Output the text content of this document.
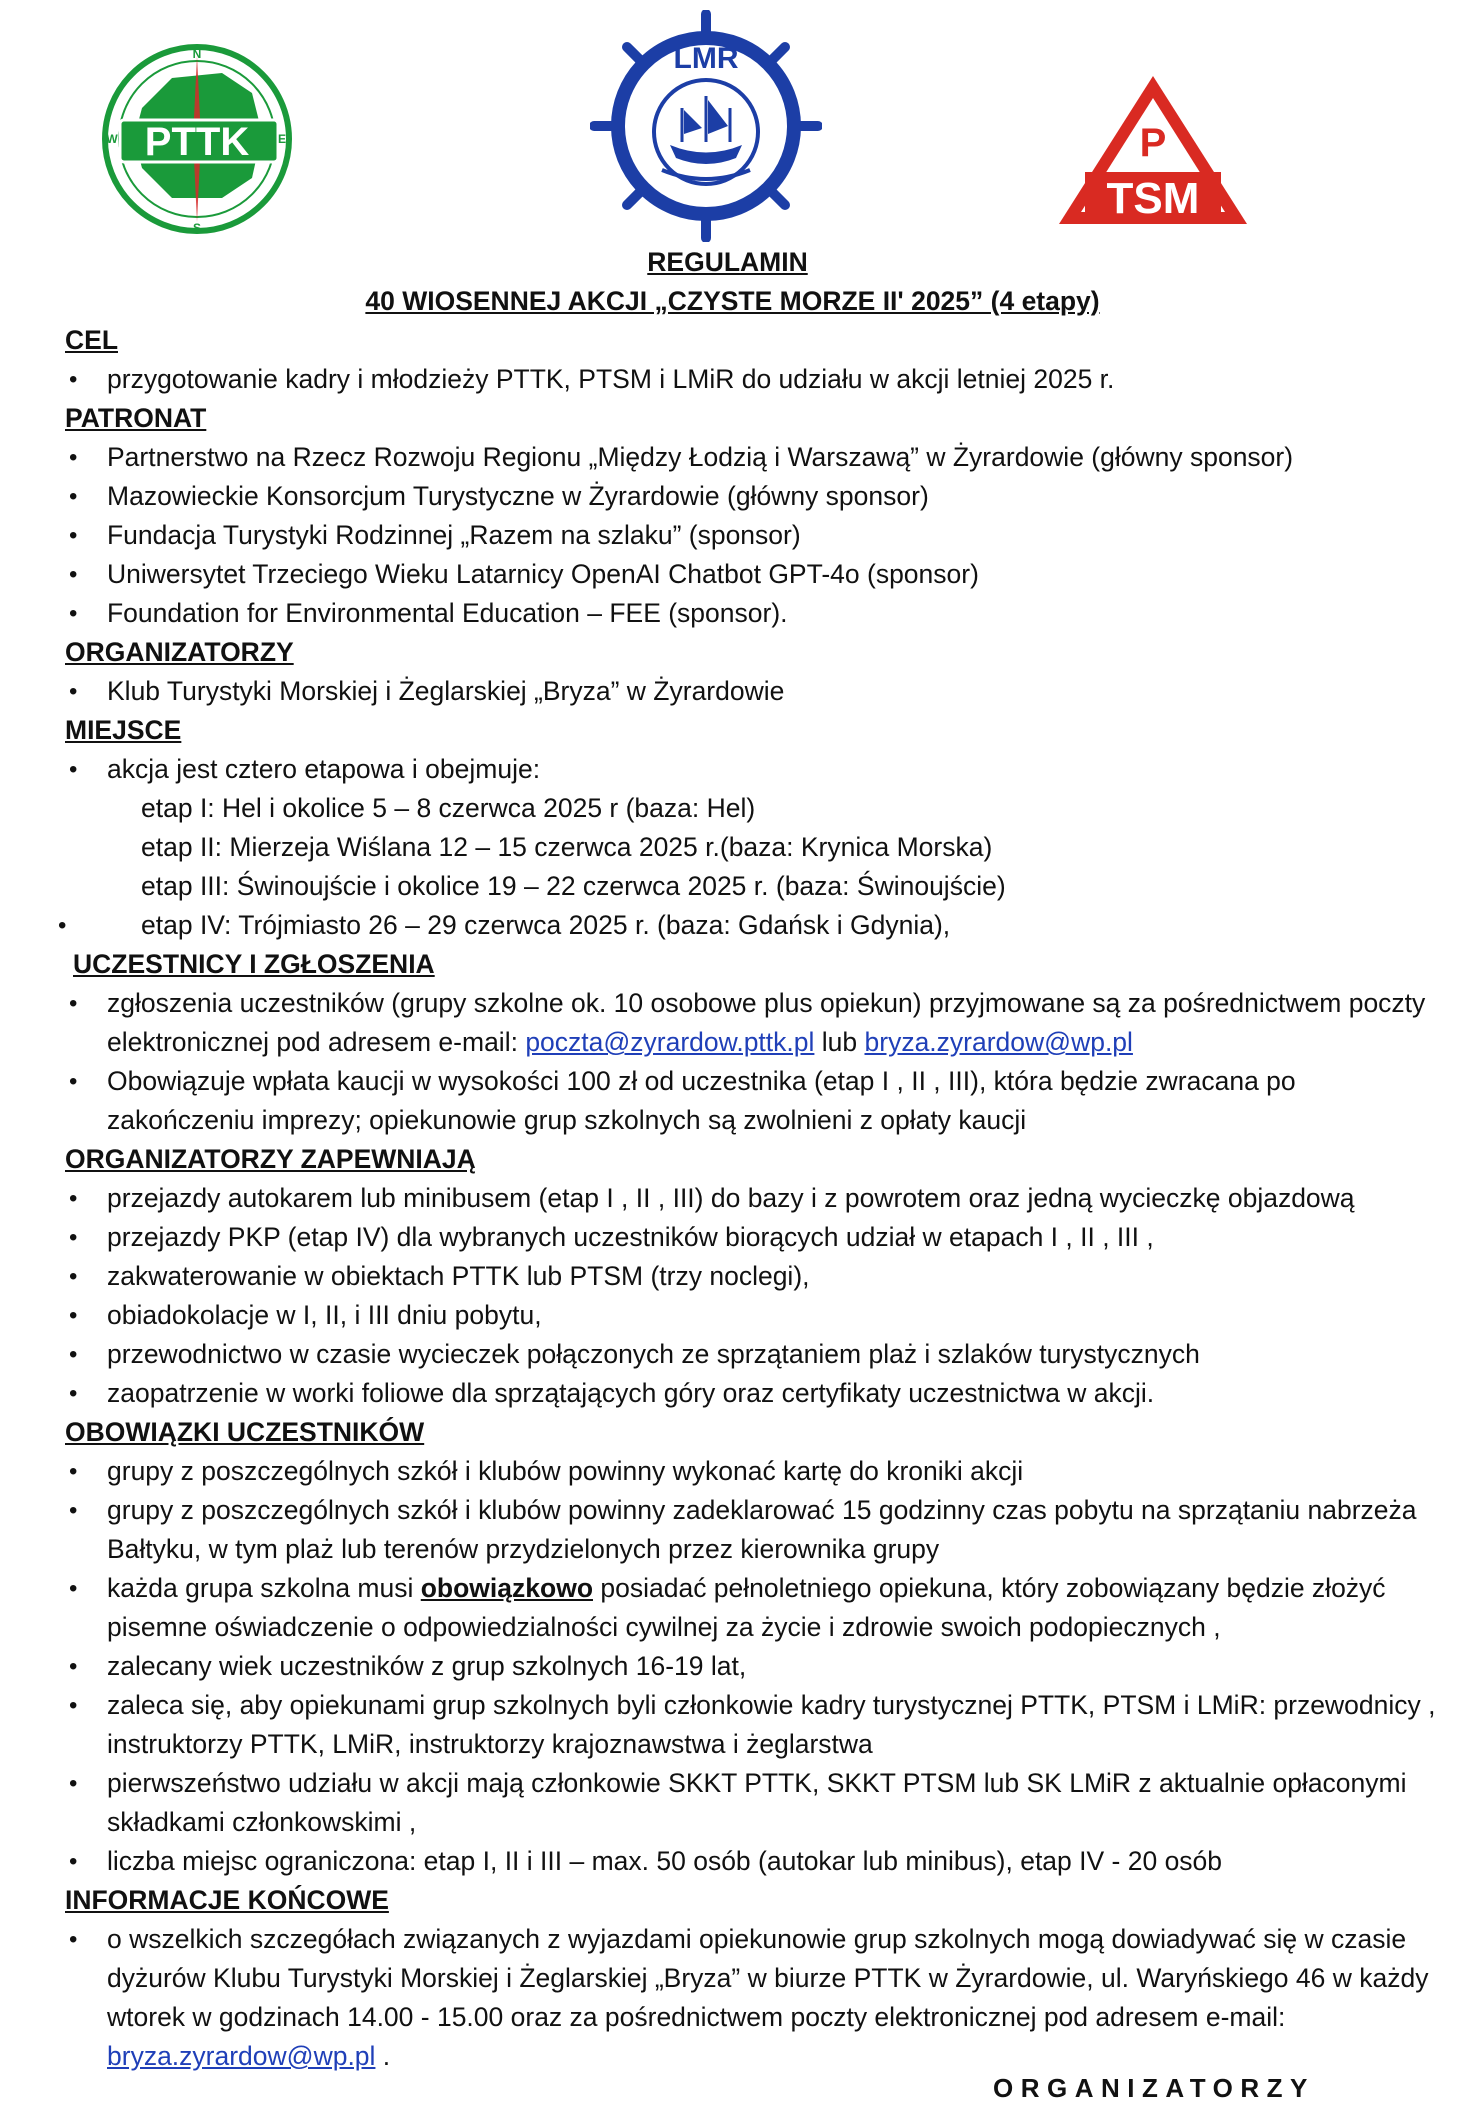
PTTK
N
E
S
W
LMR
P
TSM
REGULAMIN
40 WIOSENNEJ AKCJI „CZYSTE MORZE II' 2025” (4 etapy)
CEL
• przygotowanie kadry i młodzieży PTTK, PTSM i LMiR do udziału w akcji letniej 2025 r.
PATRONAT
• Partnerstwo na Rzecz Rozwoju Regionu „Między Łodzią i Warszawą” w Żyrardowie (główny sponsor)
• Mazowieckie Konsorcjum Turystyczne w Żyrardowie (główny sponsor)
• Fundacja Turystyki Rodzinnej „Razem na szlaku” (sponsor)
• Uniwersytet Trzeciego Wieku Latarnicy OpenAI Chatbot GPT-4o (sponsor)
• Foundation for Environmental Education – FEE (sponsor).
ORGANIZATORZY
• Klub Turystyki Morskiej i Żeglarskiej „Bryza” w Żyrardowie
MIEJSCE
• akcja jest cztero etapowa i obejmuje:
etap I: Hel i okolice 5 – 8 czerwca 2025 r (baza: Hel)
etap II: Mierzeja Wiślana 12 – 15 czerwca 2025 r.(baza: Krynica Morska)
etap III: Świnoujście i okolice 19 – 22 czerwca 2025 r. (baza: Świnoujście)
• etap IV: Trójmiasto 26 – 29 czerwca 2025 r. (baza: Gdańsk i Gdynia),
UCZESTNICY I ZGŁOSZENIA
• zgłoszenia uczestników (grupy szkolne ok. 10 osobowe plus opiekun) przyjmowane są za pośrednictwem poczty elektronicznej pod adresem e-mail: poczta@zyrardow.pttk.pl lub bryza.zyrardow@wp.pl
• Obowiązuje wpłata kaucji w wysokości 100 zł od uczestnika (etap I , II , III), która będzie zwracana po zakończeniu imprezy; opiekunowie grup szkolnych są zwolnieni z opłaty kaucji
ORGANIZATORZY ZAPEWNIAJĄ
• przejazdy autokarem lub minibusem (etap I , II , III) do bazy i z powrotem oraz jedną wycieczkę objazdową
• przejazdy PKP (etap IV) dla wybranych uczestników biorących udział w etapach I , II , III ,
• zakwaterowanie w obiektach PTTK lub PTSM (trzy noclegi),
• obiadokolacje w I, II, i III dniu pobytu,
• przewodnictwo w czasie wycieczek połączonych ze sprzątaniem plaż i szlaków turystycznych
• zaopatrzenie w worki foliowe dla sprzątających góry oraz certyfikaty uczestnictwa w akcji.
OBOWIĄZKI UCZESTNIKÓW
• grupy z poszczególnych szkół i klubów powinny wykonać kartę do kroniki akcji
• grupy z poszczególnych szkół i klubów powinny zadeklarować 15 godzinny czas pobytu na sprzątaniu nabrzeża Bałtyku, w tym plaż lub terenów przydzielonych przez kierownika grupy
• każda grupa szkolna musi obowiązkowo posiadać pełnoletniego opiekuna, który zobowiązany będzie złożyć pisemne oświadczenie o odpowiedzialności cywilnej za życie i zdrowie swoich podopiecznych ,
• zalecany wiek uczestników z grup szkolnych 16-19 lat,
• zaleca się, aby opiekunami grup szkolnych byli członkowie kadry turystycznej PTTK, PTSM i LMiR: przewodnicy , instruktorzy PTTK, LMiR, instruktorzy krajoznawstwa i żeglarstwa
• pierwszeństwo udziału w akcji mają członkowie SKKT PTTK, SKKT PTSM lub SK LMiR z aktualnie opłaconymi składkami członkowskimi ,
• liczba miejsc ograniczona: etap I, II i III – max. 50 osób (autokar lub minibus), etap IV - 20 osób
INFORMACJE KOŃCOWE
• o wszelkich szczegółach związanych z wyjazdami opiekunowie grup szkolnych mogą dowiadywać się w czasie dyżurów Klubu Turystyki Morskiej i Żeglarskiej „Bryza” w biurze PTTK w Żyrardowie, ul. Waryńskiego 46 w każdy wtorek w godzinach 14.00 - 15.00 oraz za pośrednictwem poczty elektronicznej pod adresem e-mail: bryza.zyrardow@wp.pl .
ORGANIZATORZY
